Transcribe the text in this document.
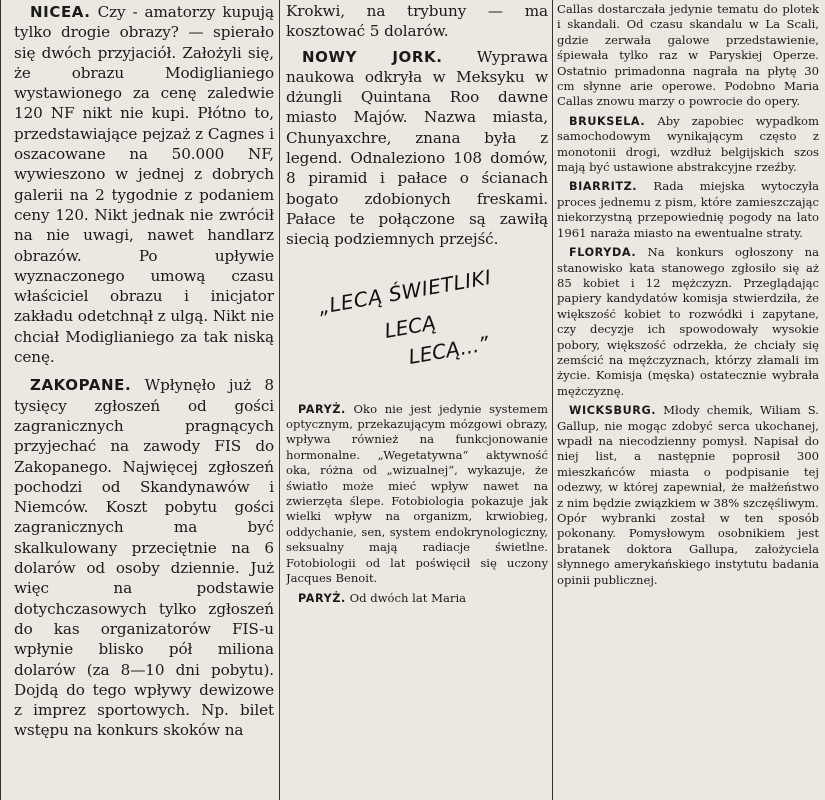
NICEA. Czy - amatorzy kupują tylko drogie obrazy? — spierało się dwóch przyjaciół. Założyli się, że obrazu Modiglianiego wystawionego za cenę zaledwie 120 NF nikt nie kupi. Płótno to, przedstawiające pejzaż z Cagnes i oszacowane na 50.000 NF, wywieszono w jednej z dobrych galerii na 2 tygodnie z podaniem ceny 120. Nikt jednak nie zwrócił na nie uwagi, nawet handlarz obrazów. Po upływie wyznaczonego umową czasu właściciel obrazu i inicjator zakładu odetchnął z ulgą. Nikt nie chciał Modiglianiego za tak niską cenę.

ZAKOPANE. Wpłynęło już 8 tysięcy zgłoszeń od gości zagranicznych pragnących przyjechać na zawody FIS do Zakopanego. Najwięcej zgłoszeń pochodzi od Skandynawów i Niemców. Koszt pobytu gości zagranicznych ma być skalkulowany przeciętnie na 6 dolarów od osoby dziennie. Już więc na podstawie dotychczasowych tylko zgłoszeń do kas organizatorów FIS-u wpłynie blisko pół miliona dolarów (za 8—10 dni pobytu). Dojdą do tego wpływy dewizowe z imprez sportowych. Np. bilet wstępu na konkurs skoków na

Krokwi, na trybuny — ma kosztować 5 dolarów.

NOWY JORK. Wyprawa naukowa odkryła w Meksyku w dżungli Quintana Roo dawne miasto Majów. Nazwa miasta, Chunyaxchre, znana była z legend. Odnaleziono 108 domów, 8 piramid i pałace o ścianach bogato zdobionych freskami. Pałace te połączone są zawiłą siecią podziemnych przejść.

„LECĄ ŚWIETLIKI
LECĄ
LECĄ...”

PARYŻ. Oko nie jest jedynie systemem optycznym, przekazującym mózgowi obrazy, wpływa również na funkcjonowanie hormonalne. „Wegetatywna“ aktywność oka, różna od „wizualnej“, wykazuje, że światło może mieć wpływ nawet na zwierzęta ślepe. Fotobiologia pokazuje jak wielki wpływ na organizm, krwiobieg, oddychanie, sen, system endokrynologiczny, seksualny mają radiacje świetlne. Fotobiologii od lat poświęcił się uczony Jacques Benoit.

PARYŻ. Od dwóch lat Maria

Callas dostarczała jedynie tematu do plotek i skandali. Od czasu skandalu w La Scali, gdzie zerwała galowe przedstawienie, śpiewała tylko raz w Paryskiej Operze. Ostatnio primadonna nagrała na płytę 30 cm słynne arie operowe. Podobno Maria Callas znowu marzy o powrocie do opery.

BRUKSELA. Aby zapobiec wypadkom samochodowym wynikającym często z monotonii drogi, wzdłuż belgijskich szos mają być ustawione abstrakcyjne rzeźby.

BIARRITZ. Rada miejska wytoczyła proces jednemu z pism, które zamieszczając niekorzystną przepowiednię pogody na lato 1961 naraża miasto na ewentualne straty.

FLORYDA. Na konkurs ogłoszony na stanowisko kata stanowego zgłosiło się aż 85 kobiet i 12 mężczyzn. Przeglądając papiery kandydatów komisja stwierdziła, że większość kobiet to rozwódki i zapytane, czy decyzje ich spowodowały wysokie pobory, większość odrzekła, że chciały się zemścić na mężczyznach, którzy złamali im życie. Komisja (męska) ostatecznie wybrała mężczyznę.

WICKSBURG. Młody chemik, Wiliam S. Gallup, nie mogąc zdobyć serca ukochanej, wpadł na niecodzienny pomysł. Napisał do niej list, a następnie poprosił 300 mieszkańców miasta o podpisanie tej odezwy, w której zapewniał, że małżeństwo z nim będzie związkiem w 38% szczęśliwym. Opór wybranki został w ten sposób pokonany. Pomysłowym osobnikiem jest bratanek doktora Gallupa, założyciela słynnego amerykańskiego instytutu badania opinii publicznej.
